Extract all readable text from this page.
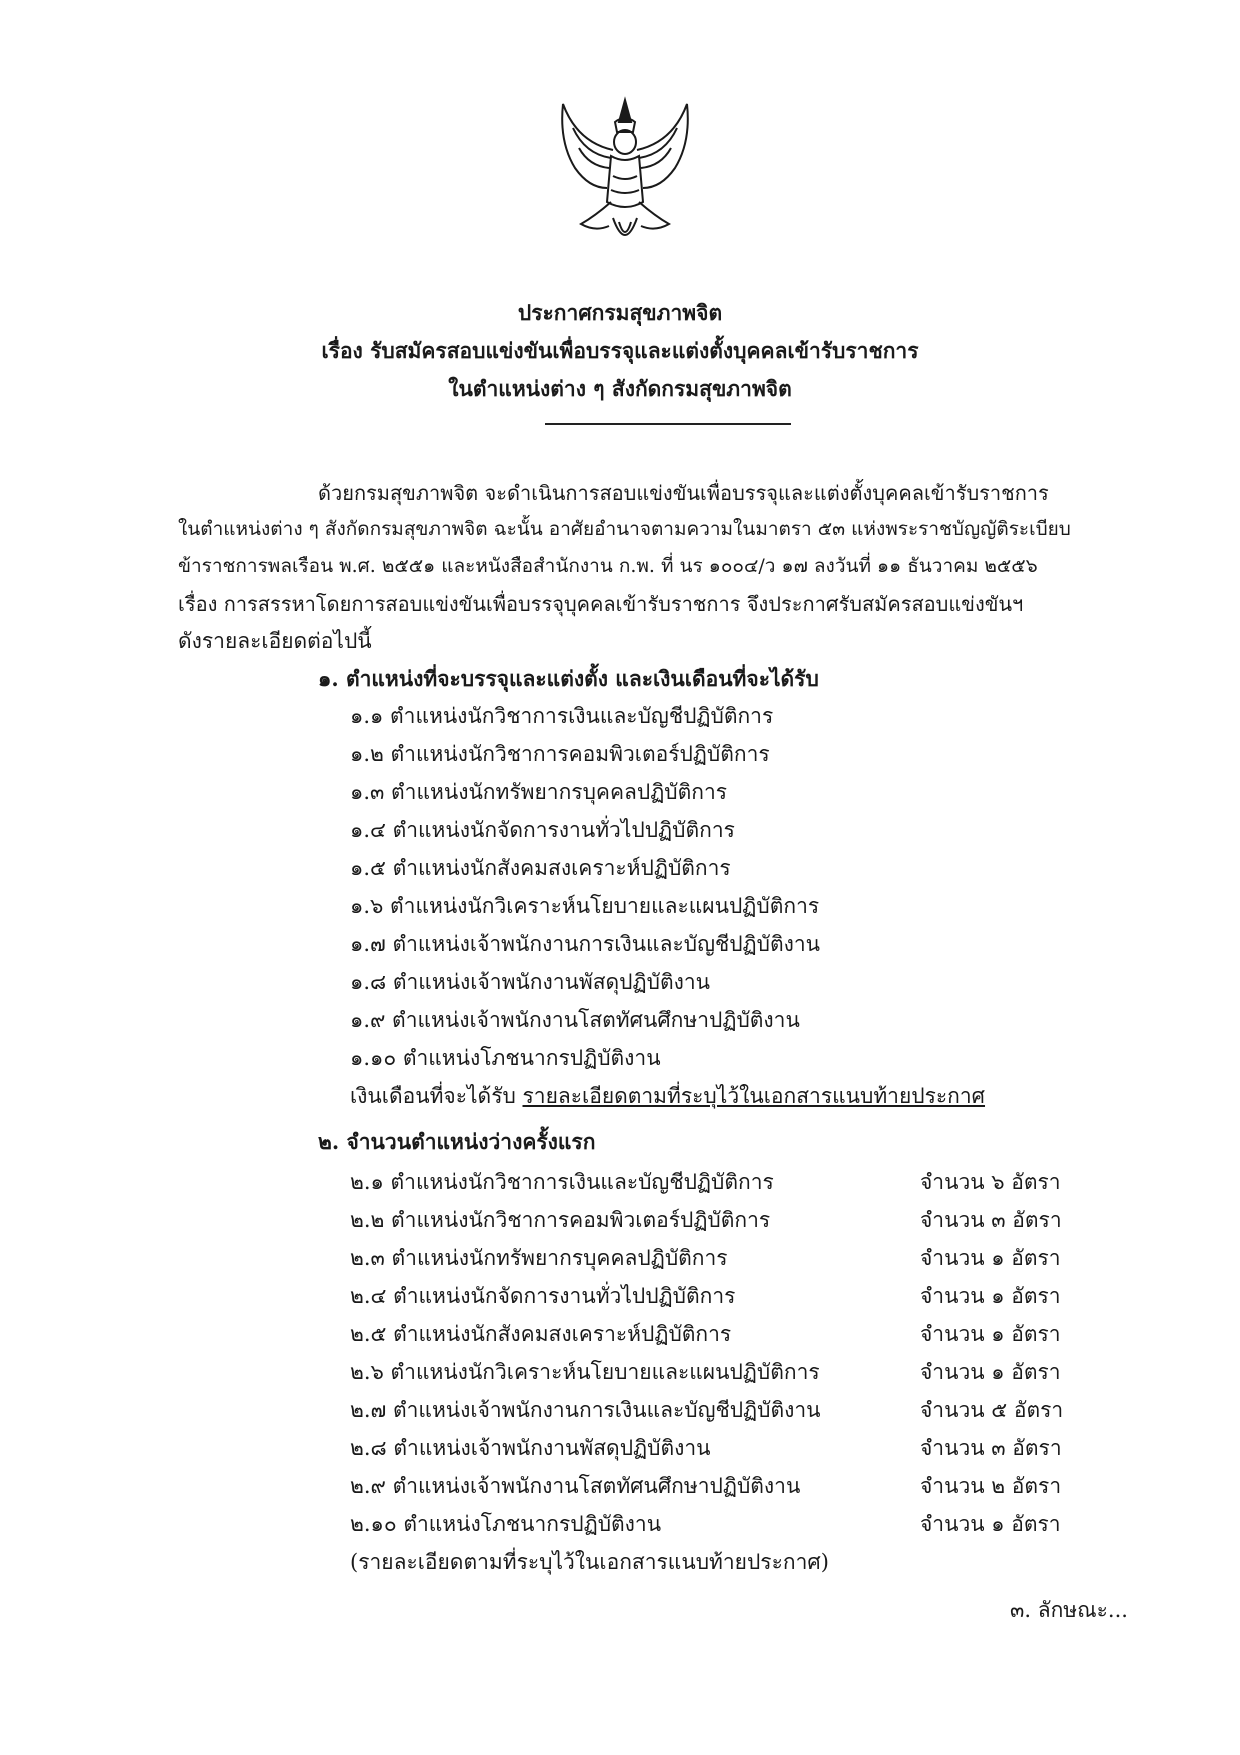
ประกาศกรมสุขภาพจิต
เรื่อง รับสมัครสอบแข่งขันเพื่อบรรจุและแต่งตั้งบุคคลเข้ารับราชการ
ในตำแหน่งต่าง ๆ สังกัดกรมสุขภาพจิต
ด้วยกรมสุขภาพจิต จะดำเนินการสอบแข่งขันเพื่อบรรจุและแต่งตั้งบุคคลเข้ารับราชการ
ในตำแหน่งต่าง ๆ สังกัดกรมสุขภาพจิต ฉะนั้น อาศัยอำนาจตามความในมาตรา ๕๓ แห่งพระราชบัญญัติระเบียบ
ข้าราชการพลเรือน พ.ศ. ๒๕๕๑ และหนังสือสำนักงาน ก.พ. ที่ นร ๑๐๐๔/ว ๑๗ ลงวันที่ ๑๑ ธันวาคม ๒๕๕๖
เรื่อง การสรรหาโดยการสอบแข่งขันเพื่อบรรจุบุคคลเข้ารับราชการ จึงประกาศรับสมัครสอบแข่งขันฯ
ดังรายละเอียดต่อไปนี้
๑. ตำแหน่งที่จะบรรจุและแต่งตั้ง และเงินเดือนที่จะได้รับ
๑.๑ ตำแหน่งนักวิชาการเงินและบัญชีปฏิบัติการ
๑.๒ ตำแหน่งนักวิชาการคอมพิวเตอร์ปฏิบัติการ
๑.๓ ตำแหน่งนักทรัพยากรบุคคลปฏิบัติการ
๑.๔ ตำแหน่งนักจัดการงานทั่วไปปฏิบัติการ
๑.๕ ตำแหน่งนักสังคมสงเคราะห์ปฏิบัติการ
๑.๖ ตำแหน่งนักวิเคราะห์นโยบายและแผนปฏิบัติการ
๑.๗ ตำแหน่งเจ้าพนักงานการเงินและบัญชีปฏิบัติงาน
๑.๘ ตำแหน่งเจ้าพนักงานพัสดุปฏิบัติงาน
๑.๙ ตำแหน่งเจ้าพนักงานโสตทัศนศึกษาปฏิบัติงาน
๑.๑๐ ตำแหน่งโภชนากรปฏิบัติงาน
เงินเดือนที่จะได้รับ รายละเอียดตามที่ระบุไว้ในเอกสารแนบท้ายประกาศ
๒. จำนวนตำแหน่งว่างครั้งแรก
๒.๑ ตำแหน่งนักวิชาการเงินและบัญชีปฏิบัติการ	จำนวน ๖ อัตรา
๒.๒ ตำแหน่งนักวิชาการคอมพิวเตอร์ปฏิบัติการ	จำนวน ๓ อัตรา
๒.๓ ตำแหน่งนักทรัพยากรบุคคลปฏิบัติการ	จำนวน ๑ อัตรา
๒.๔ ตำแหน่งนักจัดการงานทั่วไปปฏิบัติการ	จำนวน ๑ อัตรา
๒.๕ ตำแหน่งนักสังคมสงเคราะห์ปฏิบัติการ	จำนวน ๑ อัตรา
๒.๖ ตำแหน่งนักวิเคราะห์นโยบายและแผนปฏิบัติการ	จำนวน ๑ อัตรา
๒.๗ ตำแหน่งเจ้าพนักงานการเงินและบัญชีปฏิบัติงาน	จำนวน ๕ อัตรา
๒.๘ ตำแหน่งเจ้าพนักงานพัสดุปฏิบัติงาน	จำนวน ๓ อัตรา
๒.๙ ตำแหน่งเจ้าพนักงานโสตทัศนศึกษาปฏิบัติงาน	จำนวน ๒ อัตรา
๒.๑๐ ตำแหน่งโภชนากรปฏิบัติงาน	จำนวน ๑ อัตรา
(รายละเอียดตามที่ระบุไว้ในเอกสารแนบท้ายประกาศ)
๓. ลักษณะ...
